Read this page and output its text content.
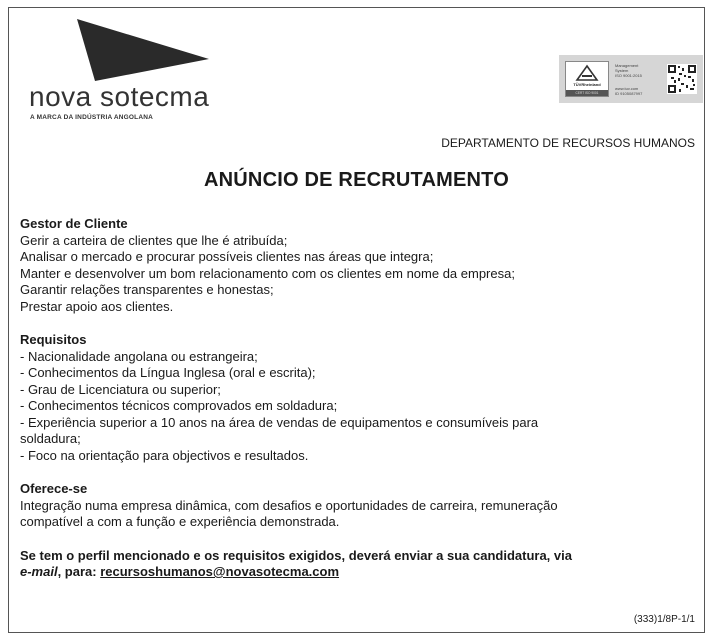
nova sotecma
A MARCA DA INDÚSTRIA ANGOLANA
TÜVRheinland
CERT ISO 9001
Management
System
ISO 9001:2015
www.tuv.com
ID 9105087997
DEPARTAMENTO DE RECURSOS HUMANOS
ANÚNCIO DE RECRUTAMENTO
Gestor de Cliente

Gerir a carteira de clientes que lhe é atribuída;

Analisar o mercado e procurar possíveis clientes nas áreas que integra;

Manter e desenvolver um bom relacionamento com os clientes em nome da empresa;

Garantir relações transparentes e honestas;

Prestar apoio aos clientes.

Requisitos

- Nacionalidade angolana ou estrangeira;

- Conhecimentos da Língua Inglesa (oral e escrita);

- Grau de Licenciatura ou superior;

- Conhecimentos técnicos comprovados em soldadura;

- Experiência superior a 10 anos na área de vendas de equipamentos e consumíveis para

soldadura;

- Foco na orientação para objectivos e resultados.

Oferece-se

Integração numa empresa dinâmica, com desafios e oportunidades de carreira, remuneração

compatível a com a função e experiência demonstrada.

Se tem o perfil mencionado e os requisitos exigidos, deverá enviar a sua candidatura, via

e-mail, para: recursoshumanos@novasotecma.com

(333)1/8P-1/1
